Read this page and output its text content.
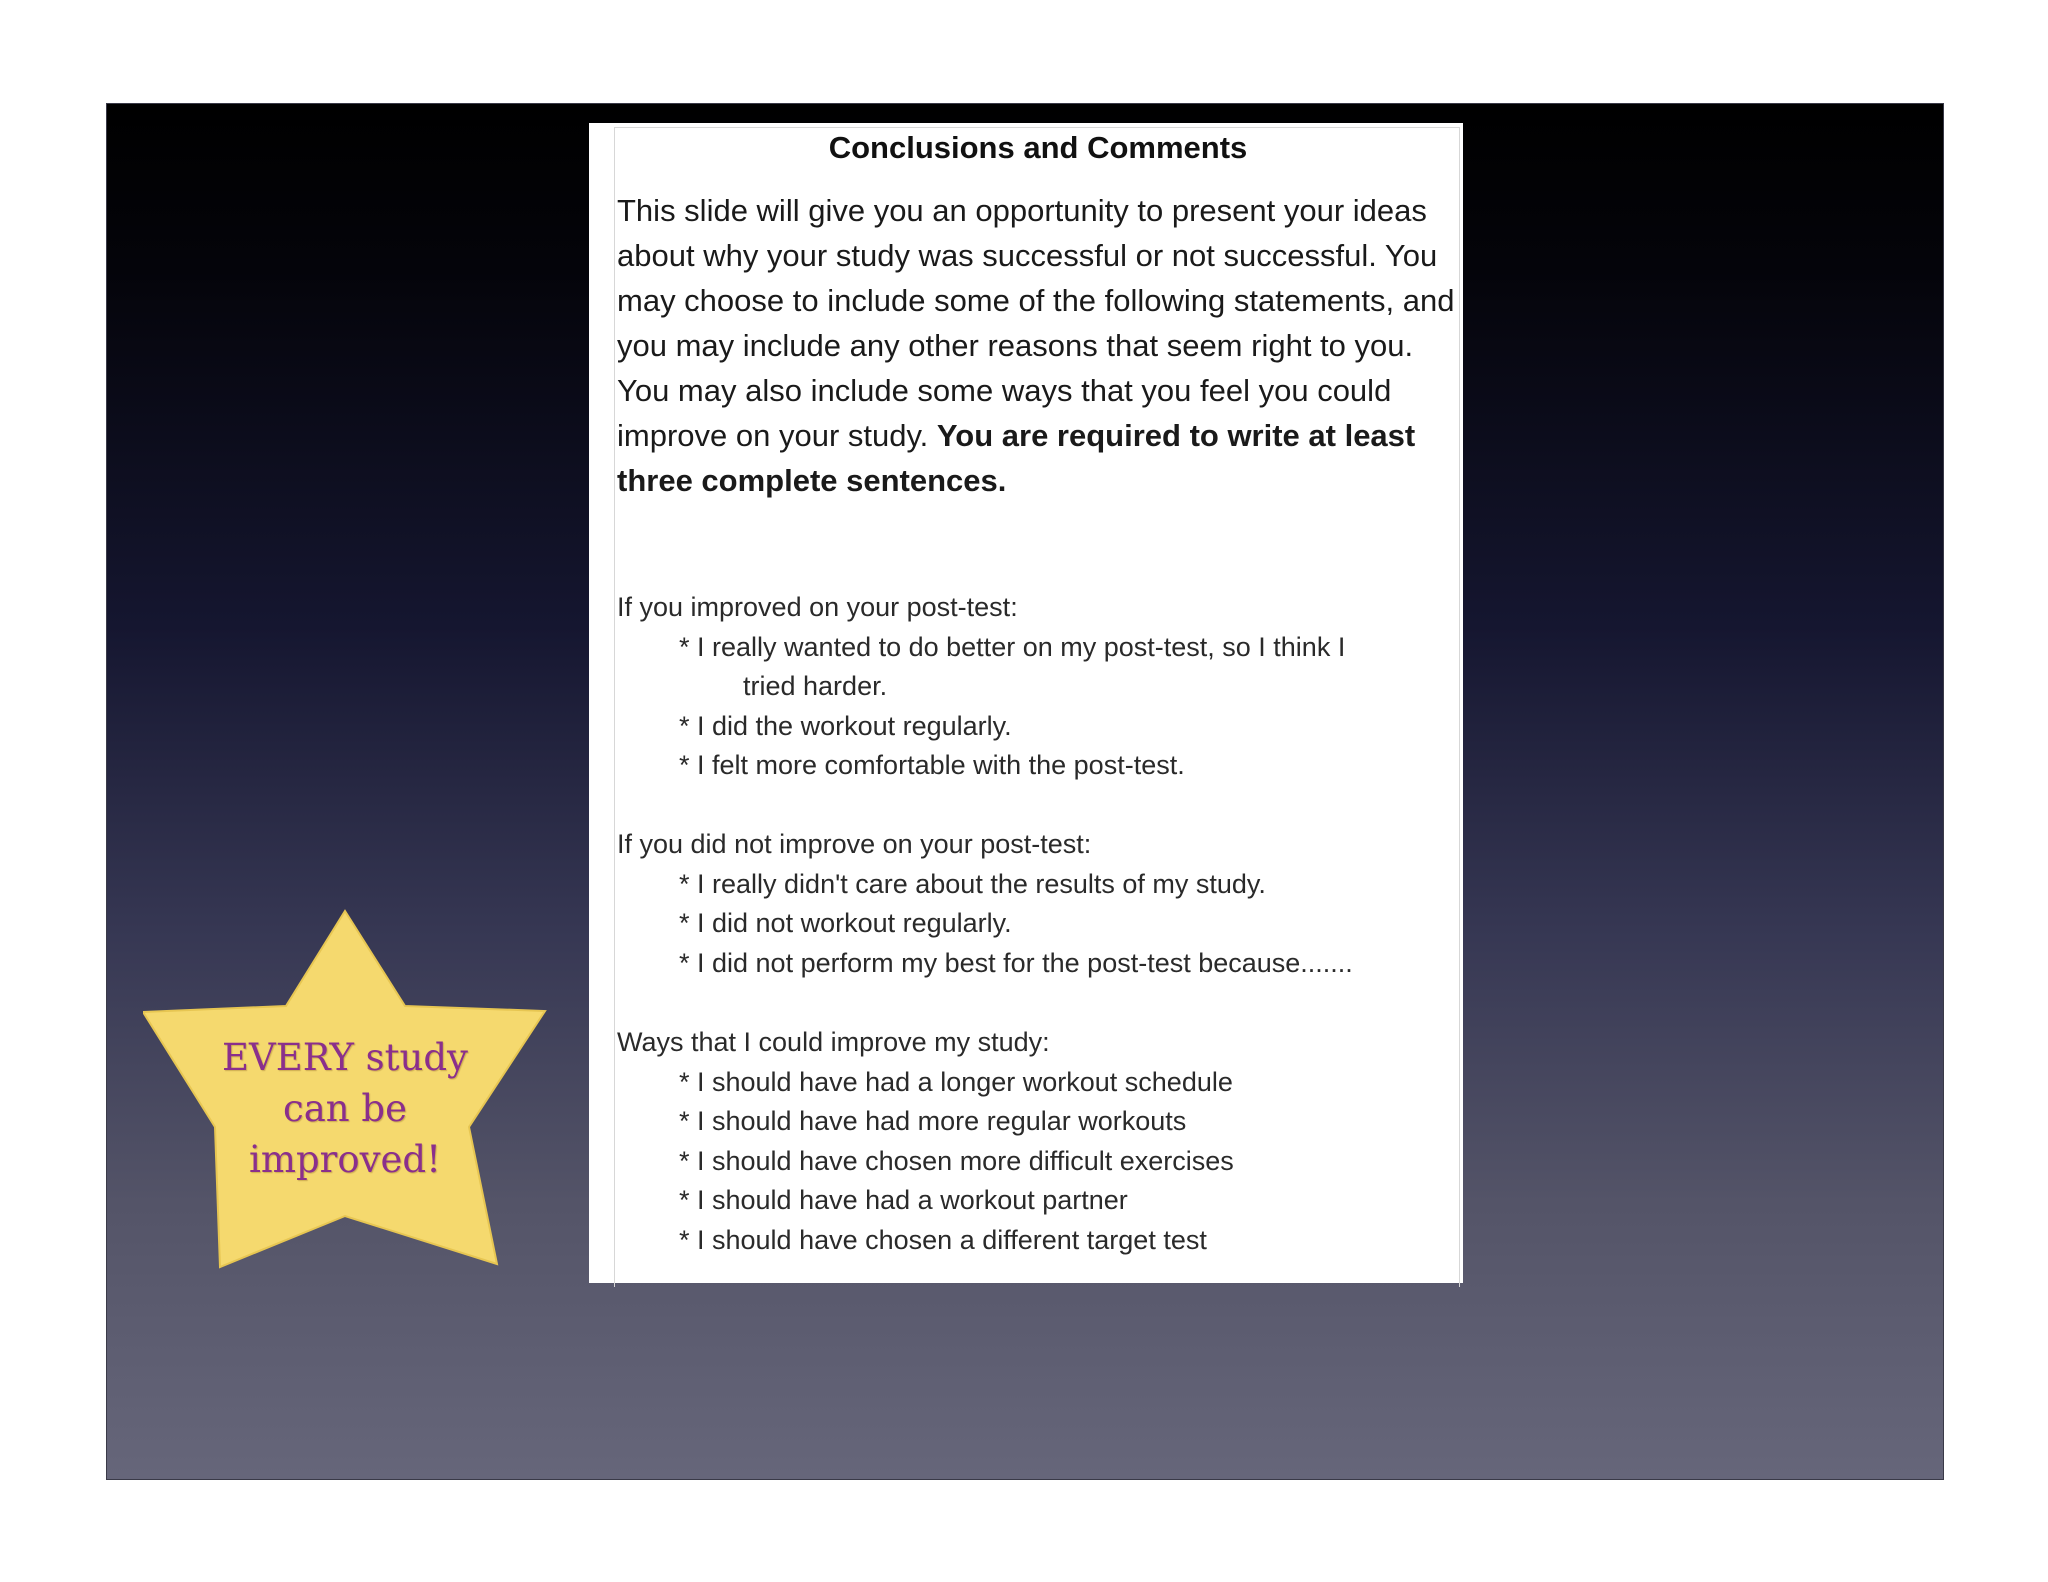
Conclusions and Comments
This slide will give you an opportunity to present your ideas about why your study was successful or not successful. You may choose to include some of the following statements, and you may include any other reasons that seem right to you. You may also include some ways that you feel you could improve on your study. You are required to write at least three complete sentences.

If you improved on your post-test:

* I really wanted to do better on my post-test, so I think I
tried harder.

* I did the workout regularly.

* I felt more comfortable with the post-test.

If you did not improve on your post-test:

* I really didn't care about the results of my study.

* I did not workout regularly.

* I did not perform my best for the post-test because.......

Ways that I could improve my study:

* I should have had a longer workout schedule

* I should have had more regular workouts

* I should have chosen more difficult exercises

* I should have had a workout partner

* I should have chosen a different target test

EVERY study
can be
improved!
